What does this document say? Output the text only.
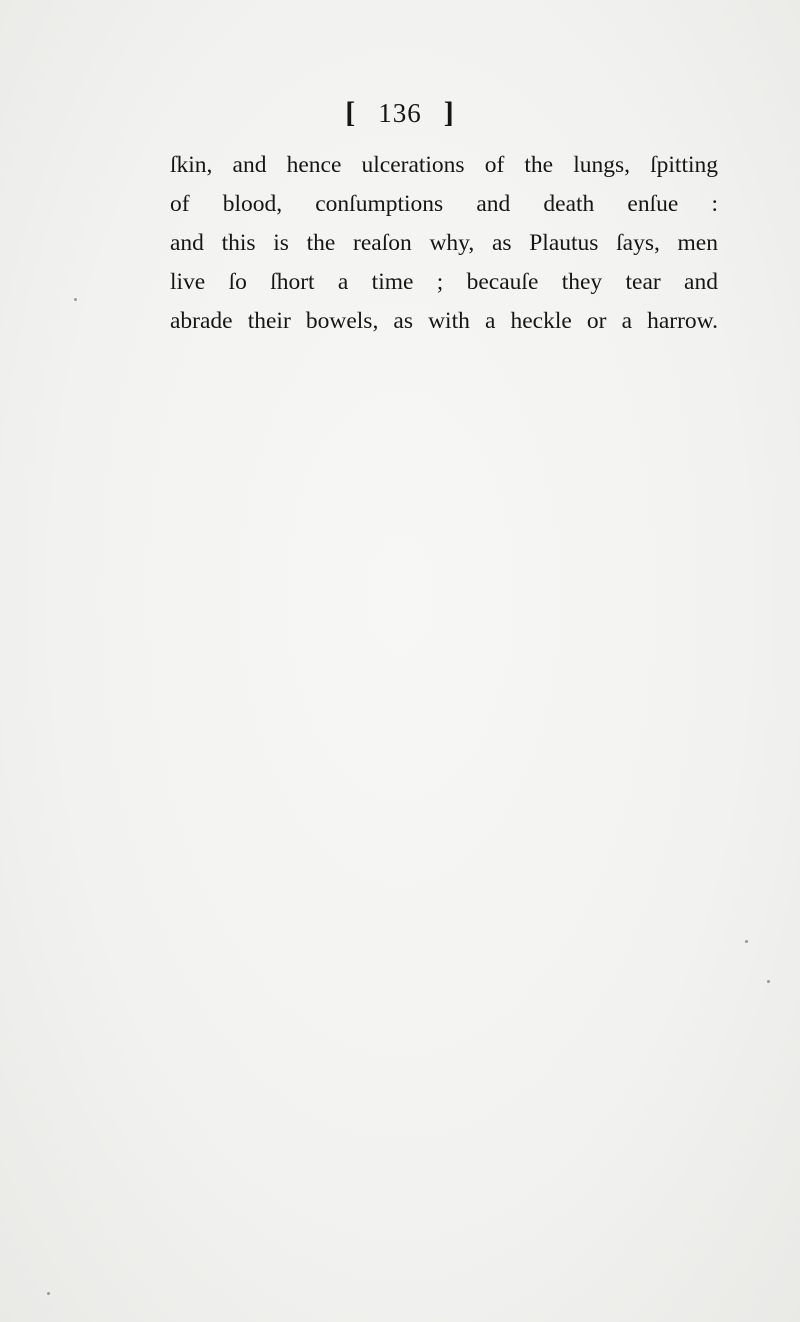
[ 136 ]
ſkin, and hence ulcerations of the lungs, ſpitting
of blood, conſumptions and death enſue :
and this is the reaſon why, as Plautus ſays, men
live ſo ſhort a time ; becauſe they tear and
abrade their bowels, as with a heckle or a harrow.
